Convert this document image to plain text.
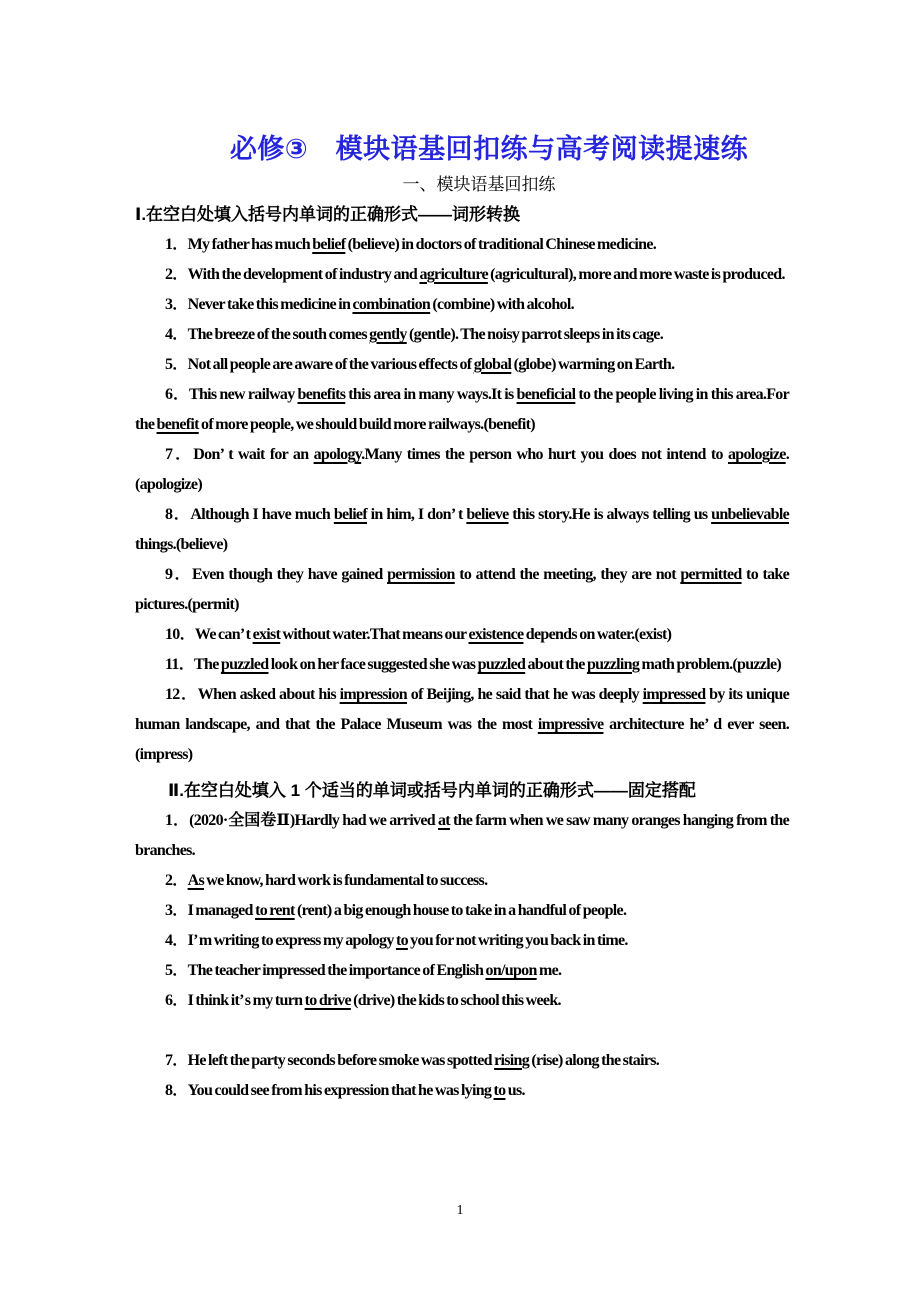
必修③　模块语基回扣练与高考阅读提速练
一、模块语基回扣练
Ⅰ.在空白处填入括号内单词的正确形式——词形转换

1．My father has much belief (believe) in doctors of traditional Chinese medicine.

2．With the development of industry and agriculture (agricultural), more and more waste is produced.

3．Never take this medicine in combination (combine) with alcohol.

4．The breeze of the south comes gently (gentle). The noisy parrot sleeps in its cage.

5．Not all people are aware of the various effects of global (globe) warming on Earth.

6．This new railway benefits this area in many ways.It is beneficial to the people living in this area.For the benefit of more people, we should build more railways.(benefit)

7．Don’ t wait for an apology.Many times the person who hurt you does not intend to apologize.(apologize)

8．Although I have much belief in him, I don’ t believe this story.He is always telling us unbelievable things.(believe)

9．Even though they have gained permission to attend the meeting, they are not permitted to take pictures.(permit)

10．We can’ t exist without water.That means our existence depends on water.(exist)

11．The puzzled look on her face suggested she was puzzled about the puzzling math problem.(puzzle)

12．When asked about his impression of Beijing, he said that he was deeply impressed by its unique human landscape, and that the Palace Museum was the most impressive architecture he’ d ever seen.(impress)

Ⅱ.在空白处填入 1 个适当的单词或括号内单词的正确形式——固定搭配

1．(2020·全国卷Ⅱ)Hardly had we arrived at the farm when we saw many oranges hanging from the branches.

2．As we know, hard work is fundamental to success.

3．I managed to rent (rent) a big enough house to take in a handful of people.

4．I’ m writing to express my apology to you for not writing you back in time.

5．The teacher impressed the importance of English on/upon me.

6．I think it’ s my turn to drive (drive) the kids to school this week.

7．He left the party seconds before smoke was spotted rising (rise) along the stairs.

8．You could see from his expression that he was lying to us.

1
